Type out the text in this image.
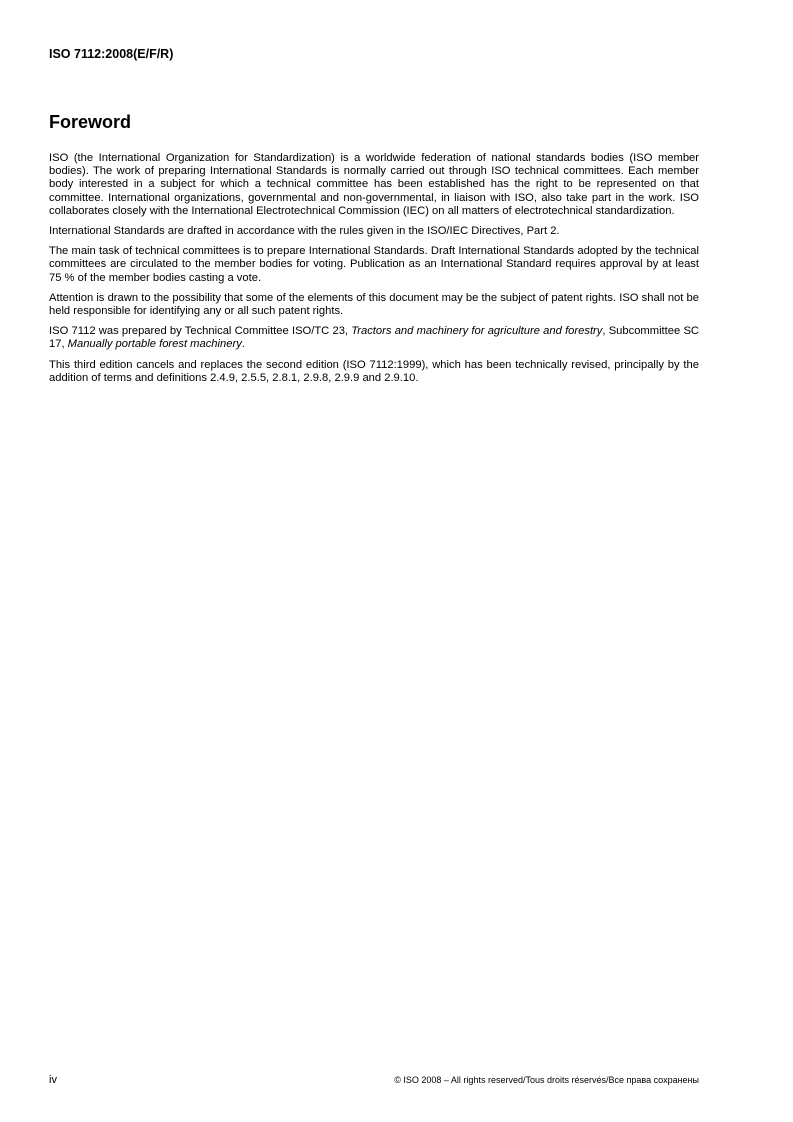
ISO 7112:2008(E/F/R)
Foreword

ISO (the International Organization for Standardization) is a worldwide federation of national standards bodies (ISO member bodies). The work of preparing International Standards is normally carried out through ISO technical committees. Each member body interested in a subject for which a technical committee has been established has the right to be represented on that committee. International organizations, governmental and non-governmental, in liaison with ISO, also take part in the work. ISO collaborates closely with the International Electrotechnical Commission (IEC) on all matters of electrotechnical standardization.

International Standards are drafted in accordance with the rules given in the ISO/IEC Directives, Part 2.

The main task of technical committees is to prepare International Standards. Draft International Standards adopted by the technical committees are circulated to the member bodies for voting. Publication as an International Standard requires approval by at least 75 % of the member bodies casting a vote.

Attention is drawn to the possibility that some of the elements of this document may be the subject of patent rights. ISO shall not be held responsible for identifying any or all such patent rights.

ISO 7112 was prepared by Technical Committee ISO/TC 23, Tractors and machinery for agriculture and forestry, Subcommittee SC 17, Manually portable forest machinery.

This third edition cancels and replaces the second edition (ISO 7112:1999), which has been technically revised, principally by the addition of terms and definitions 2.4.9, 2.5.5, 2.8.1, 2.9.8, 2.9.9 and 2.9.10.

iv	© ISO 2008 – All rights reserved/Tous droits réservés/Все права сохранены
